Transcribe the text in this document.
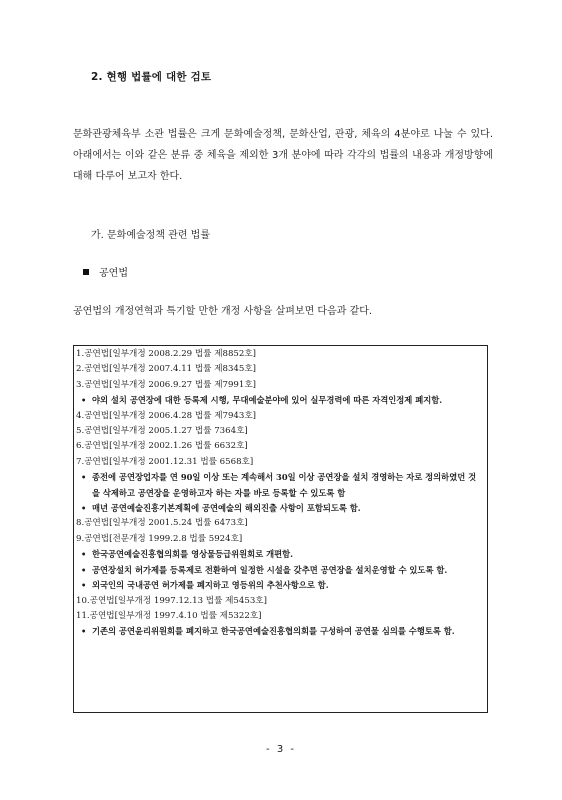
2. 현행 법률에 대한 검토
문화관광체육부 소관 법률은 크게 문화예술정책, 문화산업, 관광, 체육의 4분야로 나눌 수 있다. 아래에서는 이와 같은 분류 중 체육을 제외한 3개 분야에 따라 각각의 법률의 내용과 개정방향에 대해 다루어 보고자 한다.
가. 문화예술정책 관련 법률
공연법
공연법의 개정연혁과 특기할 만한 개정 사항을 살펴보면 다음과 같다.
1.공연법[일부개정 2008.2.29 법률 제8852호]
2.공연법[일부개정 2007.4.11 법률 제8345호]
3.공연법[일부개정 2006.9.27 법률 제7991호]
• 야외 설치 공연장에 대한 등록제 시행, 무대예술분야에 있어 실무경력에 따른 자격인정제 폐지함.
4.공연법[일부개정 2006.4.28 법률 제7943호]
5.공연법[일부개정 2005.1.27 법률 7364호]
6.공연법[일부개정 2002.1.26 법률 6632호]
7.공연법[일부개정 2001.12.31 법률 6568호]
• 종전에 공연장업자를 연 90일 이상 또는 계속해서 30일 이상 공연장을 설치 경영하는 자로 정의하였던 것을 삭제하고 공연장을 운영하고자 하는 자를 바로 등록할 수 있도록 함
• 매년 공연예술진흥기본계획에 공연예술의 해외진출 사항이 포함되도록 함.
8.공연법[일부개정 2001.5.24 법률 6473호]
9.공연법[전문개정 1999.2.8 법률 5924호]
• 한국공연예술진흥협의회를 영상물등급위원회로 개편함.
• 공연장설치 허가제를 등록제로 전환하여 일정한 시설을 갖추면 공연장을 설치운영할 수 있도록 함.
• 외국인의 국내공연 허가제를 폐지하고 영등위의 추천사항으로 함.
10.공연법[일부개정 1997.12.13 법률 제5453호]
11.공연법[일부개정 1997.4.10 법률 제5322호]
• 기존의 공연윤리위원회를 폐지하고 한국공연예술진흥협의회를 구성하여 공연물 심의를 수행토록 함.
- 3 -
